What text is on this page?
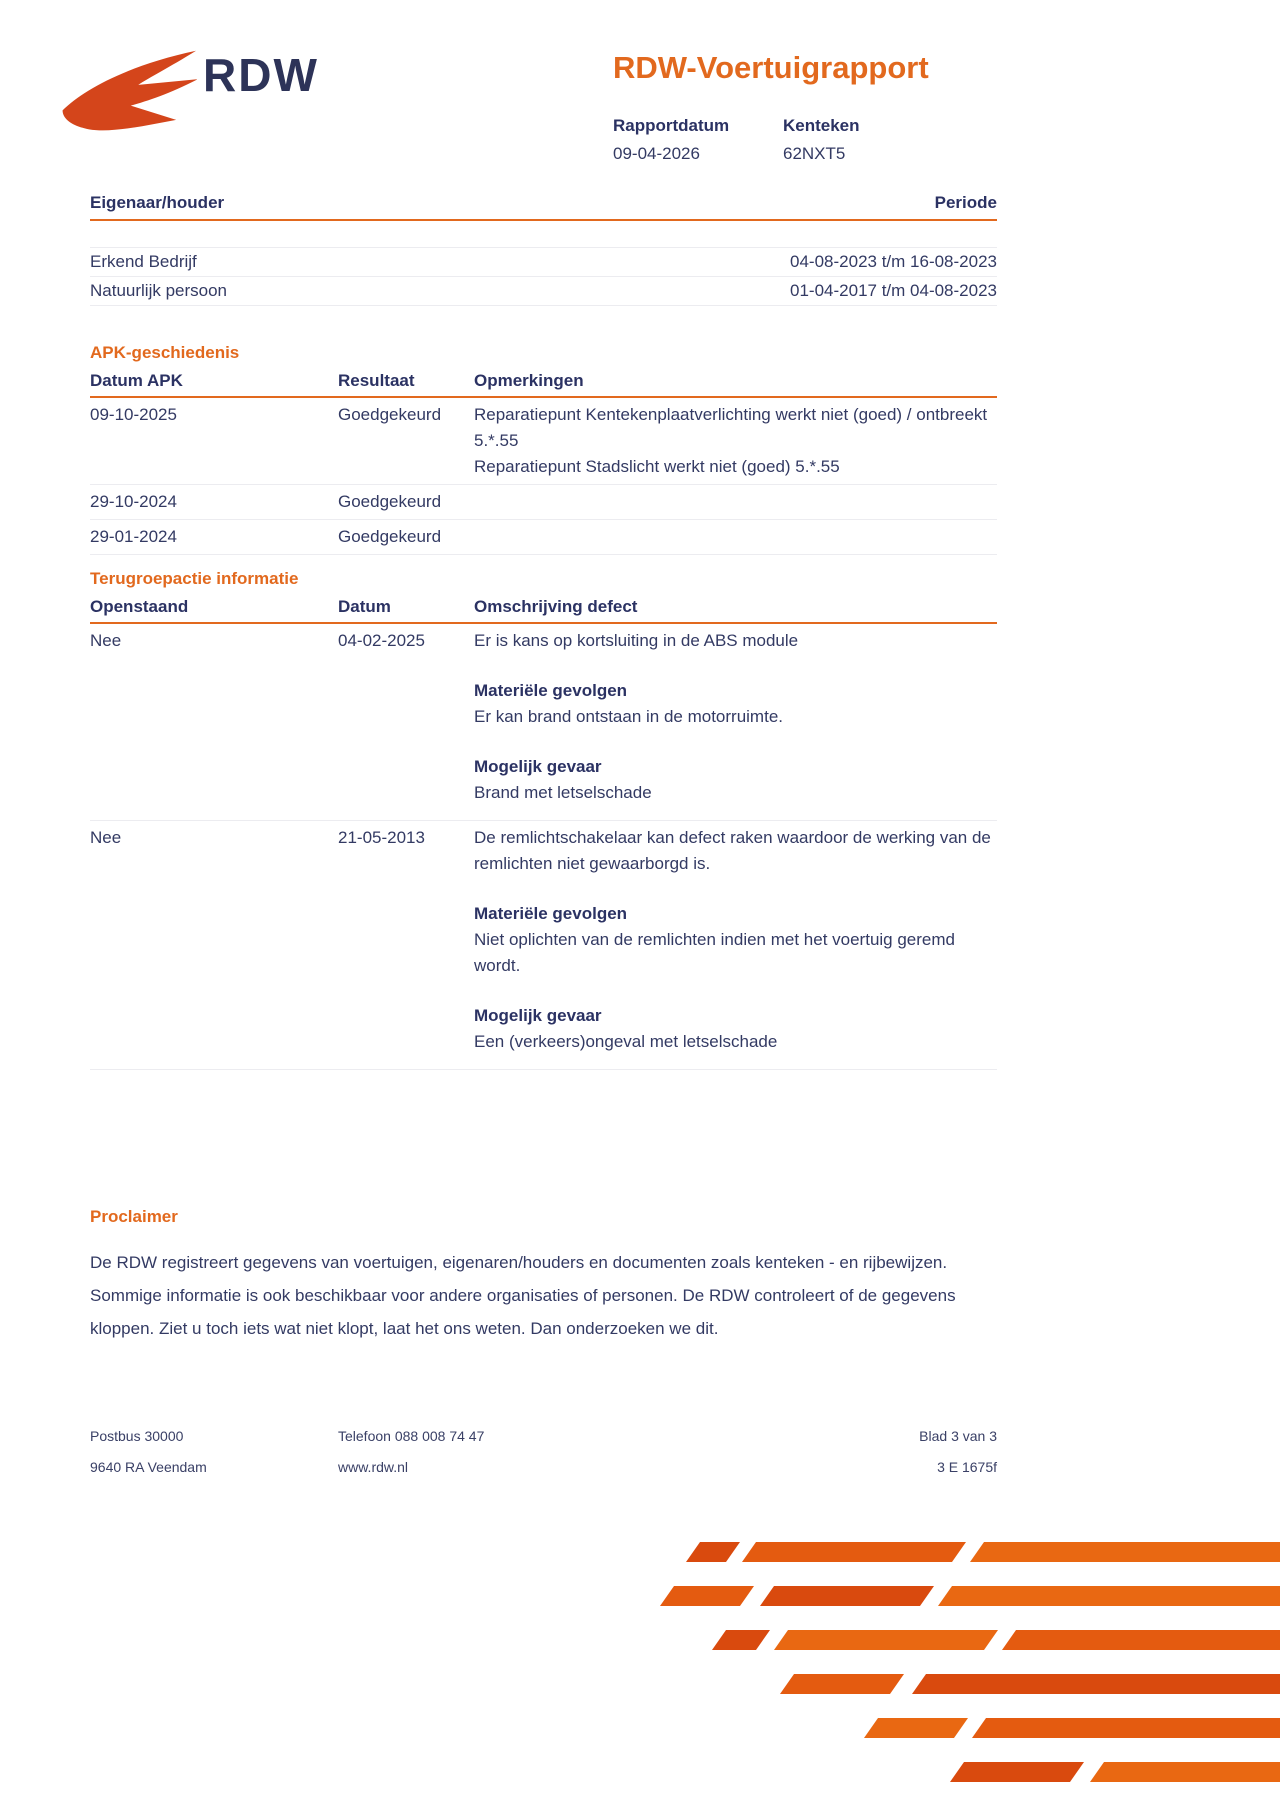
RDW	RDW-Voertuigrapport
Rapportdatum
09-04-2026
Kenteken
62NXT5
Eigenaar/houder	Periode
Erkend Bedrijf	04-08-2023 t/m 16-08-2023
Natuurlijk persoon	01-04-2017 t/m 04-08-2023
APK-geschiedenis
Datum APK	Resultaat	Opmerkingen
09-10-2025	Goedgekeurd	Reparatiepunt Kentekenplaatverlichting werkt niet (goed) / ontbreekt 5.*.55
Reparatiepunt Stadslicht werkt niet (goed) 5.*.55
29-10-2024	Goedgekeurd
29-01-2024	Goedgekeurd
Terugroepactie informatie
Openstaand	Datum	Omschrijving defect
Nee	04-02-2025	Er is kans op kortsluiting in de ABS module
Materiële gevolgen
Er kan brand ontstaan in de motorruimte.
Mogelijk gevaar
Brand met letselschade
Nee	21-05-2013	De remlichtschakelaar kan defect raken waardoor de werking van de remlichten niet gewaarborgd is.
Materiële gevolgen
Niet oplichten van de remlichten indien met het voertuig geremd wordt.
Mogelijk gevaar
Een (verkeers)ongeval met letselschade
Proclaimer

De RDW registreert gegevens van voertuigen, eigenaren/houders en documenten zoals kenteken - en rijbewijzen. Sommige informatie is ook beschikbaar voor andere organisaties of personen. De RDW controleert of de gegevens kloppen. Ziet u toch iets wat niet klopt, laat het ons weten. Dan onderzoeken we dit.

Postbus 30000	Telefoon 088 008 74 47	Blad 3 van 3
9640 RA Veendam	www.rdw.nl	3 E 1675f
